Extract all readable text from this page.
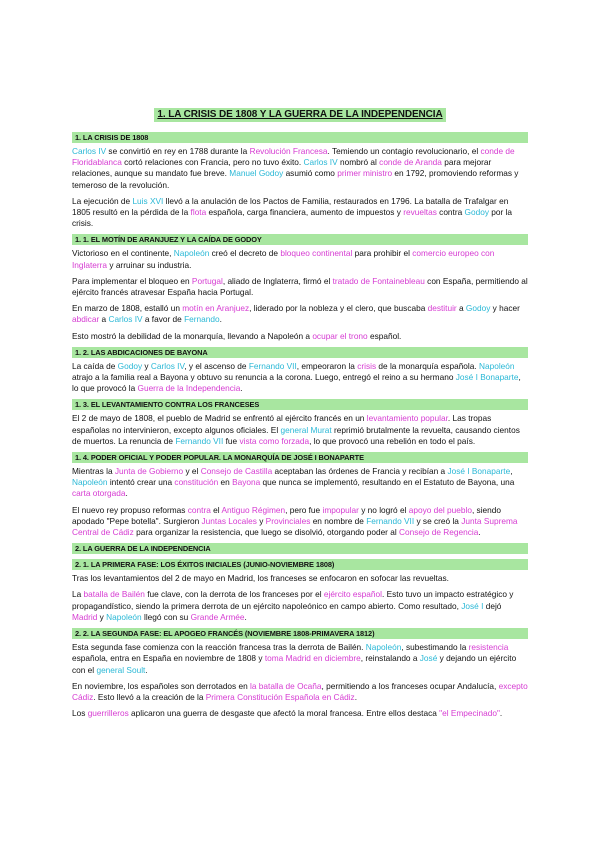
1. LA CRISIS DE 1808 Y LA GUERRA DE LA INDEPENDENCIA
1. LA CRISIS DE 1808
Carlos IV se convirtió en rey en 1788 durante la Revolución Francesa. Temiendo un contagio revolucionario, el conde de Floridablanca cortó relaciones con Francia, pero no tuvo éxito. Carlos IV nombró al conde de Aranda para mejorar relaciones, aunque su mandato fue breve. Manuel Godoy asumió como primer ministro en 1792, promoviendo reformas y temeroso de la revolución.
La ejecución de Luis XVI llevó a la anulación de los Pactos de Familia, restaurados en 1796. La batalla de Trafalgar en 1805 resultó en la pérdida de la flota española, carga financiera, aumento de impuestos y revueltas contra Godoy por la crisis.
1. 1. EL MOTÍN DE ARANJUEZ Y LA CAÍDA DE GODOY
Victorioso en el continente, Napoleón creó el decreto de bloqueo continental para prohibir el comercio europeo con Inglaterra y arruinar su industria.
Para implementar el bloqueo en Portugal, aliado de Inglaterra, firmó el tratado de Fontainebleau con España, permitiendo al ejército francés atravesar España hacia Portugal.
En marzo de 1808, estalló un motín en Aranjuez, liderado por la nobleza y el clero, que buscaba destituir a Godoy y hacer abdicar a Carlos IV a favor de Fernando.
Esto mostró la debilidad de la monarquía, llevando a Napoleón a ocupar el trono español.
1. 2. LAS ABDICACIONES DE BAYONA
La caída de Godoy y Carlos IV, y el ascenso de Fernando VII, empeoraron la crisis de la monarquía española. Napoleón atrajo a la familia real a Bayona y obtuvo su renuncia a la corona. Luego, entregó el reino a su hermano José I Bonaparte, lo que provocó la Guerra de la Independencia.
1. 3. EL LEVANTAMIENTO CONTRA LOS FRANCESES
El 2 de mayo de 1808, el pueblo de Madrid se enfrentó al ejército francés en un levantamiento popular. Las tropas españolas no intervinieron, excepto algunos oficiales. El general Murat reprimió brutalmente la revuelta, causando cientos de muertos. La renuncia de Fernando VII fue vista como forzada, lo que provocó una rebelión en todo el país.
1. 4. PODER OFICIAL Y PODER POPULAR. LA MONARQUÍA DE JOSÉ I BONAPARTE
Mientras la Junta de Gobierno y el Consejo de Castilla aceptaban las órdenes de Francia y recibían a José I Bonaparte, Napoleón intentó crear una constitución en Bayona que nunca se implementó, resultando en el Estatuto de Bayona, una carta otorgada.
El nuevo rey propuso reformas contra el Antiguo Régimen, pero fue impopular y no logró el apoyo del pueblo, siendo apodado "Pepe botella". Surgieron Juntas Locales y Provinciales en nombre de Fernando VII y se creó la Junta Suprema Central de Cádiz para organizar la resistencia, que luego se disolvió, otorgando poder al Consejo de Regencia.
2. LA GUERRA DE LA INDEPENDENCIA
2. 1. LA PRIMERA FASE: LOS ÉXITOS INICIALES (JUNIO-NOVIEMBRE 1808)
Tras los levantamientos del 2 de mayo en Madrid, los franceses se enfocaron en sofocar las revueltas.
La batalla de Bailén fue clave, con la derrota de los franceses por el ejército español. Esto tuvo un impacto estratégico y propagandístico, siendo la primera derrota de un ejército napoleónico en campo abierto. Como resultado, José I dejó Madrid y Napoleón llegó con su Grande Armée.
2. 2. LA SEGUNDA FASE: EL APOGEO FRANCÉS (NOVIEMBRE 1808-PRIMAVERA 1812)
Esta segunda fase comienza con la reacción francesa tras la derrota de Bailén. Napoleón, subestimando la resistencia española, entra en España en noviembre de 1808 y toma Madrid en diciembre, reinstalando a José y dejando un ejército con el general Soult.
En noviembre, los españoles son derrotados en la batalla de Ocaña, permitiendo a los franceses ocupar Andalucía, excepto Cádiz. Esto llevó a la creación de la Primera Constitución Española en Cádiz.
Los guerrilleros aplicaron una guerra de desgaste que afectó la moral francesa. Entre ellos destaca "el Empecinado".
